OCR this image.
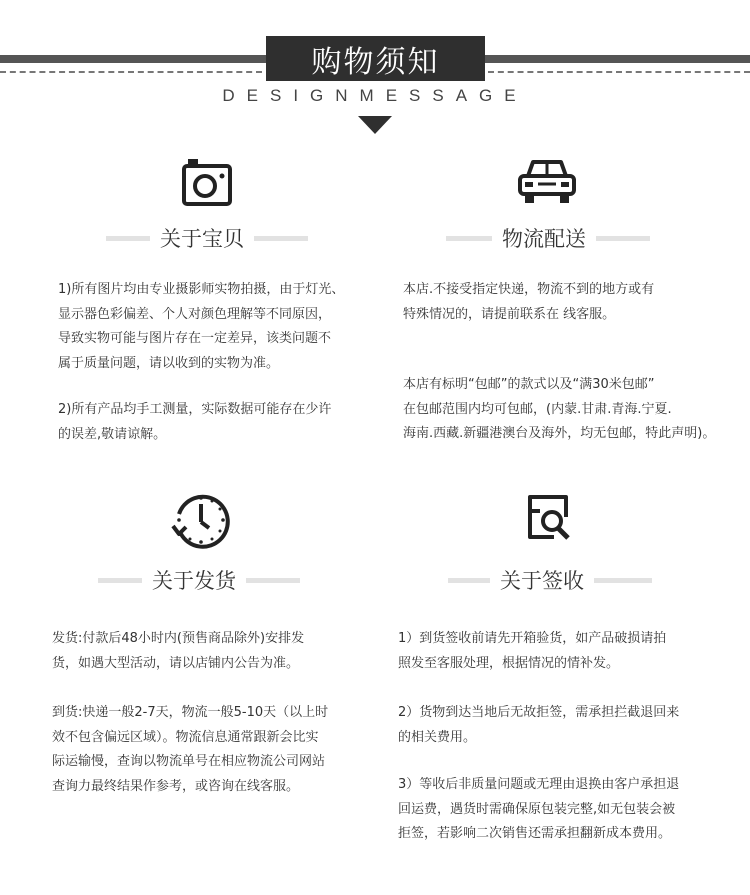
购物须知
DESIGNMESSAGE
关于宝贝

1)所有图片均由专业摄影师实物拍摄，由于灯光、
显示器色彩偏差、个人对颜色理解等不同原因，
导致实物可能与图片存在一定差异，该类问题不
属于质量问题，请以收到的实物为准。

2)所有产品均手工测量，实际数据可能存在少许
的误差,敬请谅解。

物流配送

本店.不接受指定快递，物流不到的地方或有
特殊情况的，请提前联系在 线客服。

本店有标明“包邮”的款式以及“满30米包邮”
在包邮范围内均可包邮，(内蒙.甘肃.青海.宁夏.
海南.西藏.新疆港澳台及海外，均无包邮，特此声明)。

关于发货

发货:付款后48小时内(预售商品除外)安排发
货，如遇大型活动，请以店铺内公告为准。

到货:快递一般2-7天，物流一般5-10天（以上时
效不包含偏远区域）。物流信息通常跟新会比实
际运输慢，查询以物流单号在相应物流公司网站
查询力最终结果作参考，或咨询在线客服。

关于签收

1）到货签收前请先开箱验货，如产品破损请拍
照发至客服处理，根据情况的情补发。

2）货物到达当地后无故拒签，需承担拦截退回来
的相关费用。

3）等收后非质量问题或无理由退换由客户承担退
回运费，遇货时需确保原包装完整,如无包装会被
拒签，若影响二次销售还需承担翻新成本费用。
